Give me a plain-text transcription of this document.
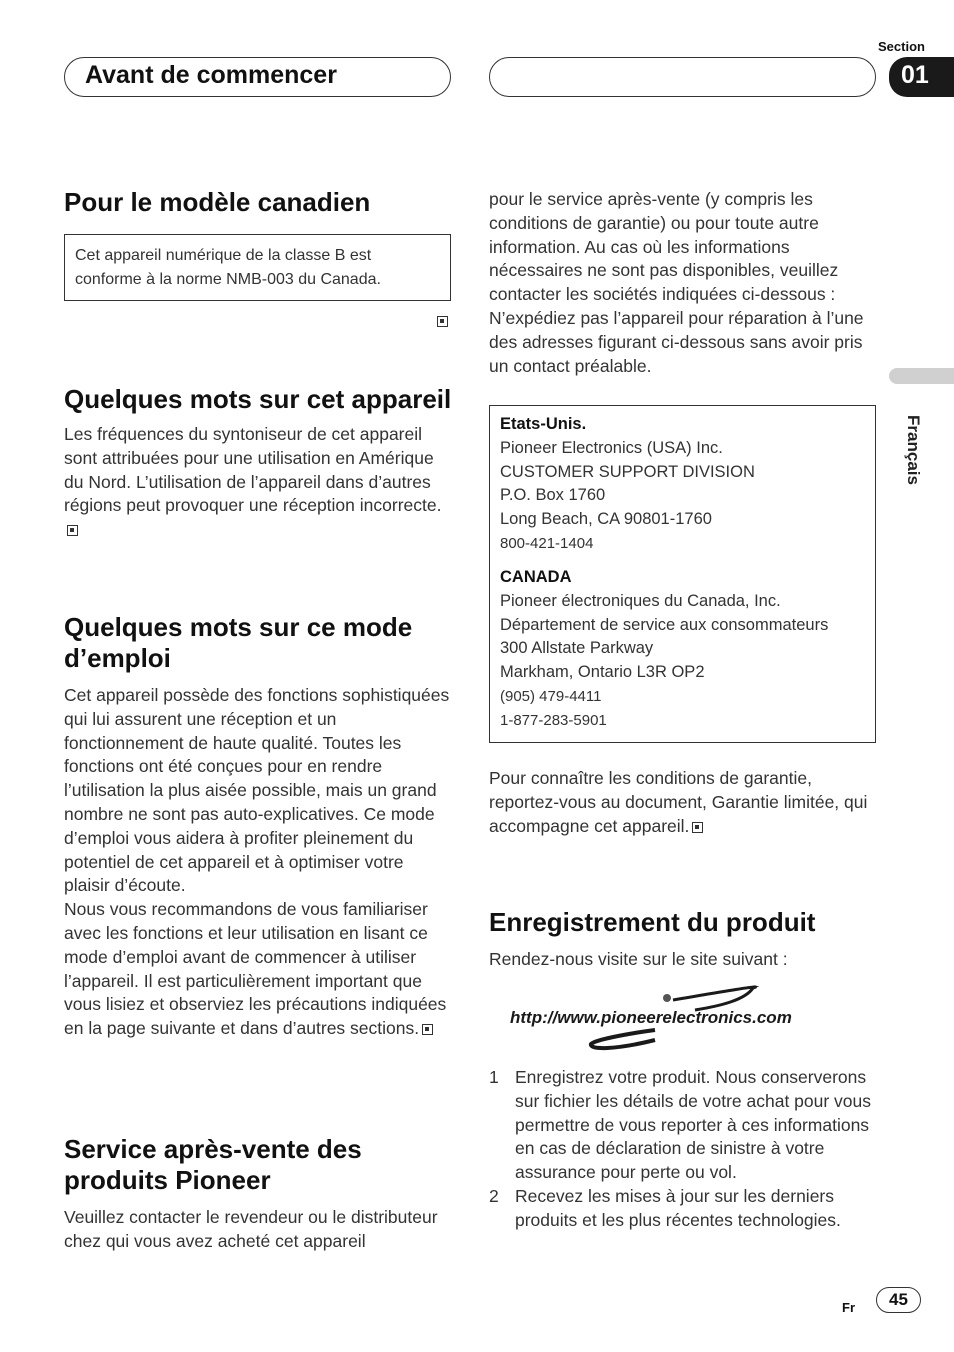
Avant de commencer
Section
01
Français
Pour le modèle canadien
Cet appareil numérique de la classe B est conforme à la norme NMB-003 du Canada.
Quelques mots sur cet appareil

Les fréquences du syntoniseur de cet appareil sont attribuées pour une utilisation en Amérique du Nord. L’utilisation de l’appareil dans d’autres régions peut provoquer une réception incorrecte.

Quelques mots sur ce mode d’emploi

Cet appareil possède des fonctions sophistiquées qui lui assurent une réception et un fonctionnement de haute qualité. Toutes les fonctions ont été conçues pour en rendre l’utilisation la plus aisée possible, mais un grand nombre ne sont pas auto-explicatives. Ce mode d’emploi vous aidera à profiter pleinement du potentiel de cet appareil et à optimiser votre plaisir d’écoute.

Nous vous recommandons de vous familiariser avec les fonctions et leur utilisation en lisant ce mode d’emploi avant de commencer à utiliser l’appareil. Il est particulièrement important que vous lisiez et observiez les précautions indiquées en la page suivante et dans d’autres sections.

Service après-vente des produits Pioneer
Veuillez contacter le revendeur ou le distributeur chez qui vous avez acheté cet appareil
pour le service après-vente (y compris les conditions de garantie) ou pour toute autre information. Au cas où les informations nécessaires ne sont pas disponibles, veuillez contacter les sociétés indiquées ci-dessous : N’expédiez pas l’appareil pour réparation à l’une des adresses figurant ci-dessous sans avoir pris un contact préalable.
Etats-Unis.
Pioneer Electronics (USA) Inc.
CUSTOMER SUPPORT DIVISION
P.O. Box 1760
Long Beach, CA 90801-1760
800-421-1404
CANADA
Pioneer électroniques du Canada, Inc.
Département de service aux consommateurs
300 Allstate Parkway
Markham, Ontario L3R OP2
(905) 479-4411
1-877-283-5901

Pour connaître les conditions de garantie, reportez-vous au document, Garantie limitée, qui accompagne cet appareil.

Enregistrement du produit
Rendez-nous visite sur le site suivant :
http://www.pioneerelectronics.com
1 Enregistrez votre produit. Nous conserverons sur fichier les détails de votre achat pour vous permettre de vous reporter à ces informations en cas de déclaration de sinistre à votre assurance pour perte ou vol.
2 Recevez les mises à jour sur les derniers produits et les plus récentes technologies.
Fr	45
